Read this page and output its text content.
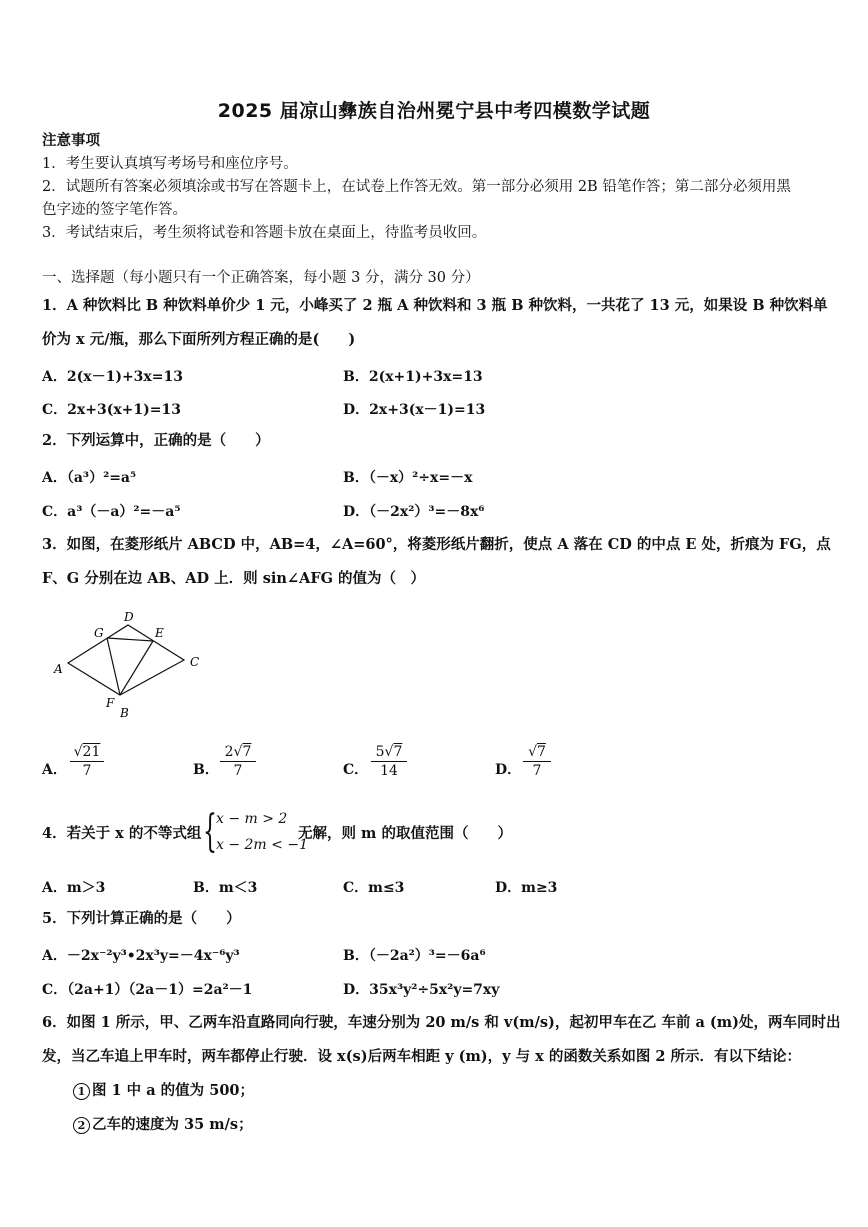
2025 届凉山彝族自治州冕宁县中考四模数学试题
注意事项
1．考生要认真填写考场号和座位序号。
2．试题所有答案必须填涂或书写在答题卡上，在试卷上作答无效。第一部分必须用 2B 铅笔作答；第二部分必须用黑
色字迹的签字笔作答。
3．考试结束后，考生须将试卷和答题卡放在桌面上，待监考员收回。
一、选择题（每小题只有一个正确答案，每小题 3 分，满分 30 分）
1．A 种饮料比 B 种饮料单价少 1 元，小峰买了 2 瓶 A 种饮料和 3 瓶 B 种饮料，一共花了 13 元，如果设 B 种饮料单
价为 x 元/瓶，那么下面所列方程正确的是(　　)
A．2(x－1)+3x=13	B．2(x+1)+3x=13
C．2x+3(x+1)=13	D．2x+3(x－1)=13
2．下列运算中，正确的是（　　）
A．（a³）²=a⁵	B．（－x）²÷x=－x
C．a³（－a）²=－a⁵	D．（－2x²）³=－8x⁶
3．如图，在菱形纸片 ABCD 中，AB=4，∠A=60°，将菱形纸片翻折，使点 A 落在 CD 的中点 E 处，折痕为 FG，点
F、G 分别在边 AB、AD 上．则 sin∠AFG 的值为（　）
A
B
C
D
E
F
G
A．
√21
7	B．
2√7
7	C．
5√7
14	D．
√7
7
4．若关于 x 的不等式组 { x − m > 2
x − 2m < −1
无解，则 m 的取值范围（　　）
A．m＞3	B．m＜3	C．m≤3	D．m≥3
5．下列计算正确的是（　　）
A．－2x⁻²y³•2x³y=－4x⁻⁶y³	B．（－2a²）³=－6a⁶
C．（2a+1）（2a－1）=2a²－1	D．35x³y²÷5x²y=7xy
6．如图 1 所示，甲、乙两车沿直路同向行驶，车速分别为 20 m/s 和 v(m/s)，起初甲车在乙 车前 a (m)处，两车同时出
发，当乙车追上甲车时，两车都停止行驶．设 x(s)后两车相距 y (m)，y 与 x 的函数关系如图 2 所示．有以下结论：
1 图 1 中 a 的值为 500；
2 乙车的速度为 35 m/s；
